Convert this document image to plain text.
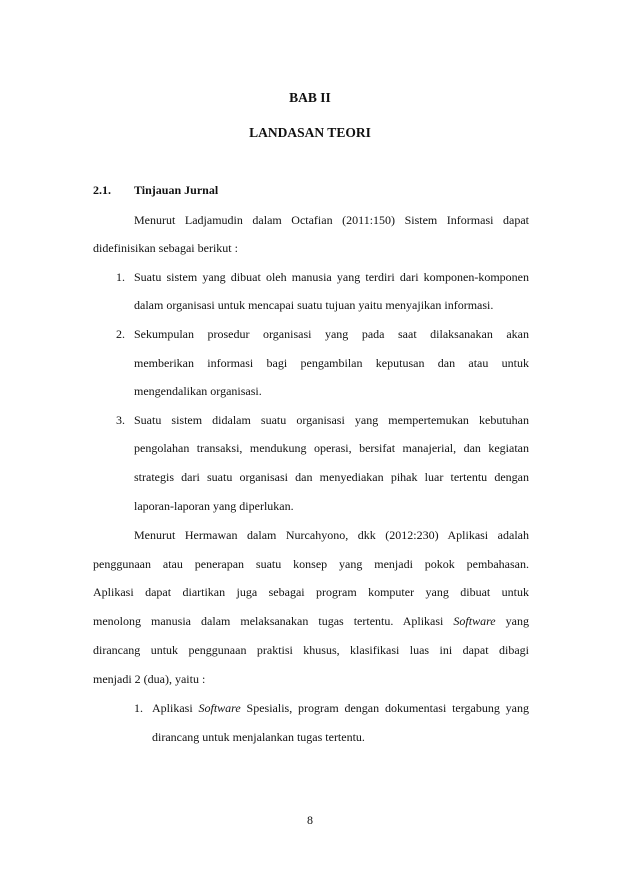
BAB II
LANDASAN TEORI
2.1. Tinjauan Jurnal
Menurut Ladjamudin dalam Octafian (2011:150) Sistem Informasi dapat
didefinisikan sebagai berikut :
1. Suatu sistem yang dibuat oleh manusia yang terdiri dari komponen-komponen
dalam organisasi untuk mencapai suatu tujuan yaitu menyajikan informasi.
2. Sekumpulan prosedur organisasi yang pada saat dilaksanakan akan
memberikan informasi bagi pengambilan keputusan dan atau untuk
mengendalikan organisasi.
3. Suatu sistem didalam suatu organisasi yang mempertemukan kebutuhan
pengolahan transaksi, mendukung operasi, bersifat manajerial, dan kegiatan
strategis dari suatu organisasi dan menyediakan pihak luar tertentu dengan
laporan-laporan yang diperlukan.
Menurut Hermawan dalam Nurcahyono, dkk (2012:230) Aplikasi adalah
penggunaan atau penerapan suatu konsep yang menjadi pokok pembahasan.
Aplikasi dapat diartikan juga sebagai program komputer yang dibuat untuk
menolong manusia dalam melaksanakan tugas tertentu. Aplikasi Software yang
dirancang untuk penggunaan praktisi khusus, klasifikasi luas ini dapat dibagi
menjadi 2 (dua), yaitu :
1. Aplikasi Software Spesialis, program dengan dokumentasi tergabung yang
dirancang untuk menjalankan tugas tertentu.
8
